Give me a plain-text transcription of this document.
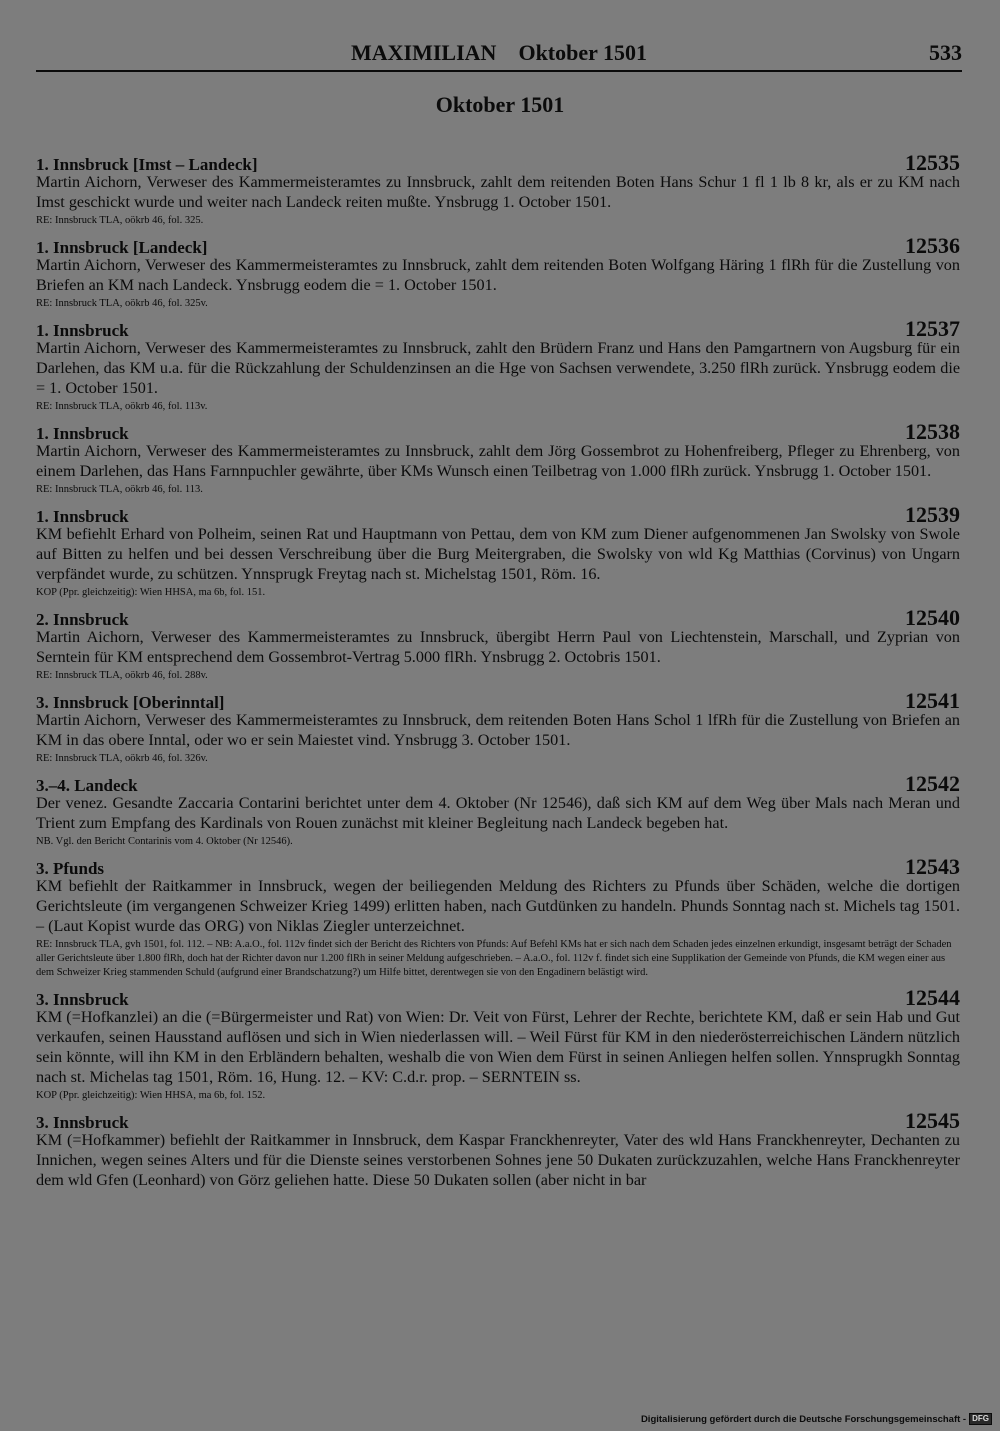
MAXIMILIAN Oktober 1501	533
Oktober 1501
1. Innsbruck [Imst – Landeck]	12535
Martin Aichorn, Verweser des Kammermeisteramtes zu Innsbruck, zahlt dem reitenden Boten Hans Schur 1 fl 1 lb 8 kr, als er zu KM nach Imst geschickt wurde und weiter nach Landeck reiten mußte. Ynsbrugg 1. October 1501.
RE: Innsbruck TLA, oökrb 46, fol. 325.
1. Innsbruck [Landeck]	12536
Martin Aichorn, Verweser des Kammermeisteramtes zu Innsbruck, zahlt dem reitenden Boten Wolfgang Häring 1 flRh für die Zustellung von Briefen an KM nach Landeck. Ynsbrugg eodem die = 1. October 1501.
RE: Innsbruck TLA, oökrb 46, fol. 325v.
1. Innsbruck	12537
Martin Aichorn, Verweser des Kammermeisteramtes zu Innsbruck, zahlt den Brüdern Franz und Hans den Pamgartnern von Augsburg für ein Darlehen, das KM u.a. für die Rückzahlung der Schuldenzinsen an die Hge von Sachsen verwendete, 3.250 flRh zurück. Ynsbrugg eodem die = 1. October 1501.
RE: Innsbruck TLA, oökrb 46, fol. 113v.
1. Innsbruck	12538
Martin Aichorn, Verweser des Kammermeisteramtes zu Innsbruck, zahlt dem Jörg Gossembrot zu Hohenfreiberg, Pfleger zu Ehrenberg, von einem Darlehen, das Hans Farnnpuchler gewährte, über KMs Wunsch einen Teilbetrag von 1.000 flRh zurück. Ynsbrugg 1. October 1501.
RE: Innsbruck TLA, oökrb 46, fol. 113.
1. Innsbruck	12539
KM befiehlt Erhard von Polheim, seinen Rat und Hauptmann von Pettau, dem von KM zum Diener aufgenommenen Jan Swolsky von Swole auf Bitten zu helfen und bei dessen Verschreibung über die Burg Meitergraben, die Swolsky von wld Kg Matthias (Corvinus) von Ungarn verpfändet wurde, zu schützen. Ynnsprugk Freytag nach st. Michelstag 1501, Röm. 16.
KOP (Ppr. gleichzeitig): Wien HHSA, ma 6b, fol. 151.
2. Innsbruck	12540
Martin Aichorn, Verweser des Kammermeisteramtes zu Innsbruck, übergibt Herrn Paul von Liechtenstein, Marschall, und Zyprian von Serntein für KM entsprechend dem Gossembrot-Vertrag 5.000 flRh. Ynsbrugg 2. Octobris 1501.
RE: Innsbruck TLA, oökrb 46, fol. 288v.
3. Innsbruck [Oberinntal]	12541
Martin Aichorn, Verweser des Kammermeisteramtes zu Innsbruck, dem reitenden Boten Hans Schol 1 lfRh für die Zustellung von Briefen an KM in das obere Inntal, oder wo er sein Maiestet vind. Ynsbrugg 3. October 1501.
RE: Innsbruck TLA, oökrb 46, fol. 326v.
3.–4. Landeck	12542
Der venez. Gesandte Zaccaria Contarini berichtet unter dem 4. Oktober (Nr 12546), daß sich KM auf dem Weg über Mals nach Meran und Trient zum Empfang des Kardinals von Rouen zunächst mit kleiner Begleitung nach Landeck begeben hat.
NB. Vgl. den Bericht Contarinis vom 4. Oktober (Nr 12546).
3. Pfunds	12543
KM befiehlt der Raitkammer in Innsbruck, wegen der beiliegenden Meldung des Richters zu Pfunds über Schäden, welche die dortigen Gerichtsleute (im vergangenen Schweizer Krieg 1499) erlitten haben, nach Gutdünken zu handeln. Phunds Sonntag nach st. Michels tag 1501. – (Laut Kopist wurde das ORG) von Niklas Ziegler unterzeichnet.
RE: Innsbruck TLA, gvh 1501, fol. 112. – NB: A.a.O., fol. 112v findet sich der Bericht des Richters von Pfunds: Auf Befehl KMs hat er sich nach dem Schaden jedes einzelnen erkundigt, insgesamt beträgt der Schaden aller Gerichtsleute über 1.800 flRh, doch hat der Richter davon nur 1.200 flRh in seiner Meldung aufgeschrieben. – A.a.O., fol. 112v f. findet sich eine Supplikation der Gemeinde von Pfunds, die KM wegen einer aus dem Schweizer Krieg stammenden Schuld (aufgrund einer Brandschatzung?) um Hilfe bittet, derentwegen sie von den Engadinern belästigt wird.
3. Innsbruck	12544
KM (=Hofkanzlei) an die (=Bürgermeister und Rat) von Wien: Dr. Veit von Fürst, Lehrer der Rechte, berichtete KM, daß er sein Hab und Gut verkaufen, seinen Hausstand auflösen und sich in Wien niederlassen will. – Weil Fürst für KM in den niederösterreichischen Ländern nützlich sein könnte, will ihn KM in den Erbländern behalten, weshalb die von Wien dem Fürst in seinen Anliegen helfen sollen. Ynnsprugkh Sonntag nach st. Michelas tag 1501, Röm. 16, Hung. 12. – KV: C.d.r. prop. – SERNTEIN ss.
KOP (Ppr. gleichzeitig): Wien HHSA, ma 6b, fol. 152.
3. Innsbruck	12545
KM (=Hofkammer) befiehlt der Raitkammer in Innsbruck, dem Kaspar Franckhenreyter, Vater des wld Hans Franckhenreyter, Dechanten zu Innichen, wegen seines Alters und für die Dienste seines verstorbenen Sohnes jene 50 Dukaten zurückzuzahlen, welche Hans Franckhenreyter dem wld Gfen (Leonhard) von Görz geliehen hatte. Diese 50 Dukaten sollen (aber nicht in bar
Digitalisierung gefördert durch die Deutsche Forschungsgemeinschaft - DFG
